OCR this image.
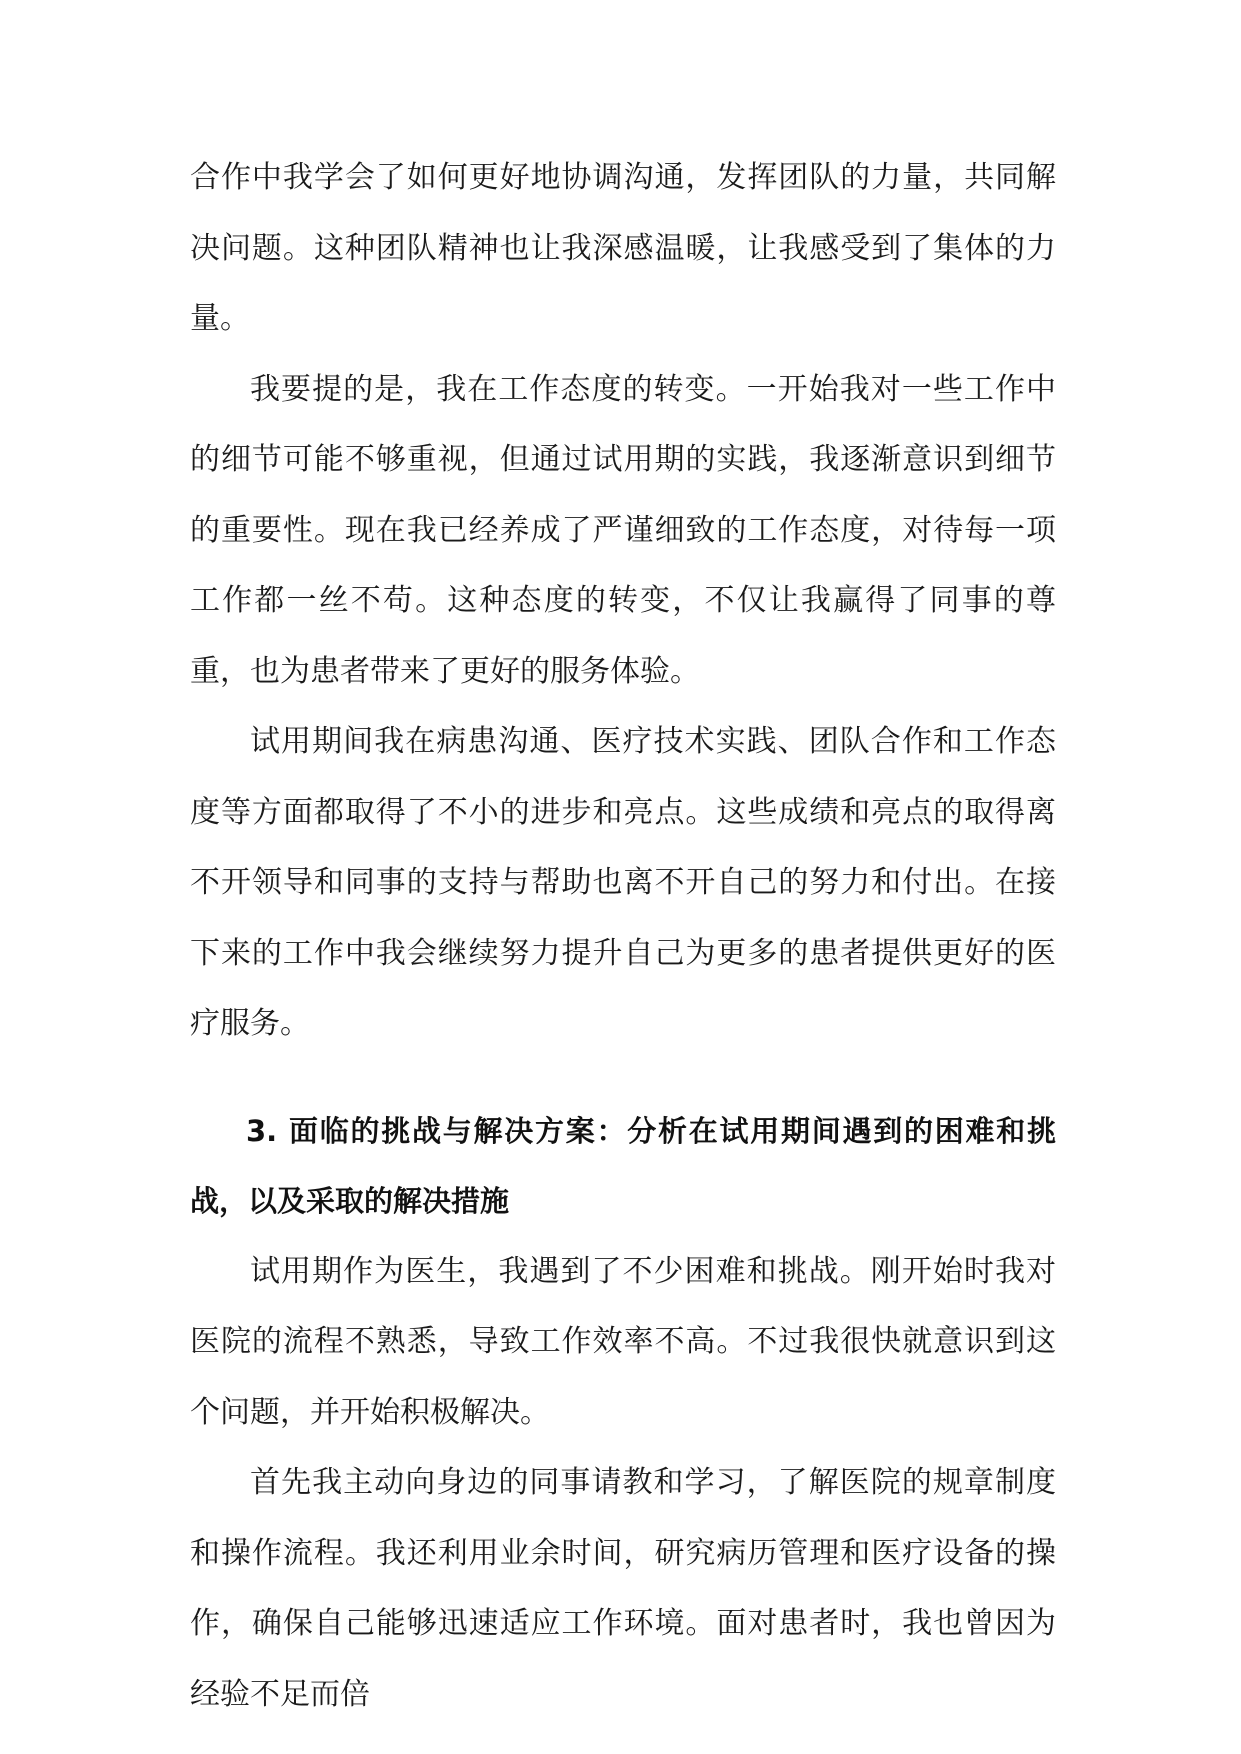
合作中我学会了如何更好地协调沟通，发挥团队的力量，共同解决问题。这种团队精神也让我深感温暖，让我感受到了集体的力量。

我要提的是，我在工作态度的转变。一开始我对一些工作中的细节可能不够重视，但通过试用期的实践，我逐渐意识到细节的重要性。现在我已经养成了严谨细致的工作态度，对待每一项工作都一丝不苟。这种态度的转变，不仅让我赢得了同事的尊重，也为患者带来了更好的服务体验。

试用期间我在病患沟通、医疗技术实践、团队合作和工作态度等方面都取得了不小的进步和亮点。这些成绩和亮点的取得离不开领导和同事的支持与帮助也离不开自己的努力和付出。在接下来的工作中我会继续努力提升自己为更多的患者提供更好的医疗服务。

3. 面临的挑战与解决方案：分析在试用期间遇到的困难和挑战，以及采取的解决措施

试用期作为医生，我遇到了不少困难和挑战。刚开始时我对医院的流程不熟悉，导致工作效率不高。不过我很快就意识到这个问题，并开始积极解决。

首先我主动向身边的同事请教和学习，了解医院的规章制度和操作流程。我还利用业余时间，研究病历管理和医疗设备的操作，确保自己能够迅速适应工作环境。面对患者时，我也曾因为经验不足而倍
